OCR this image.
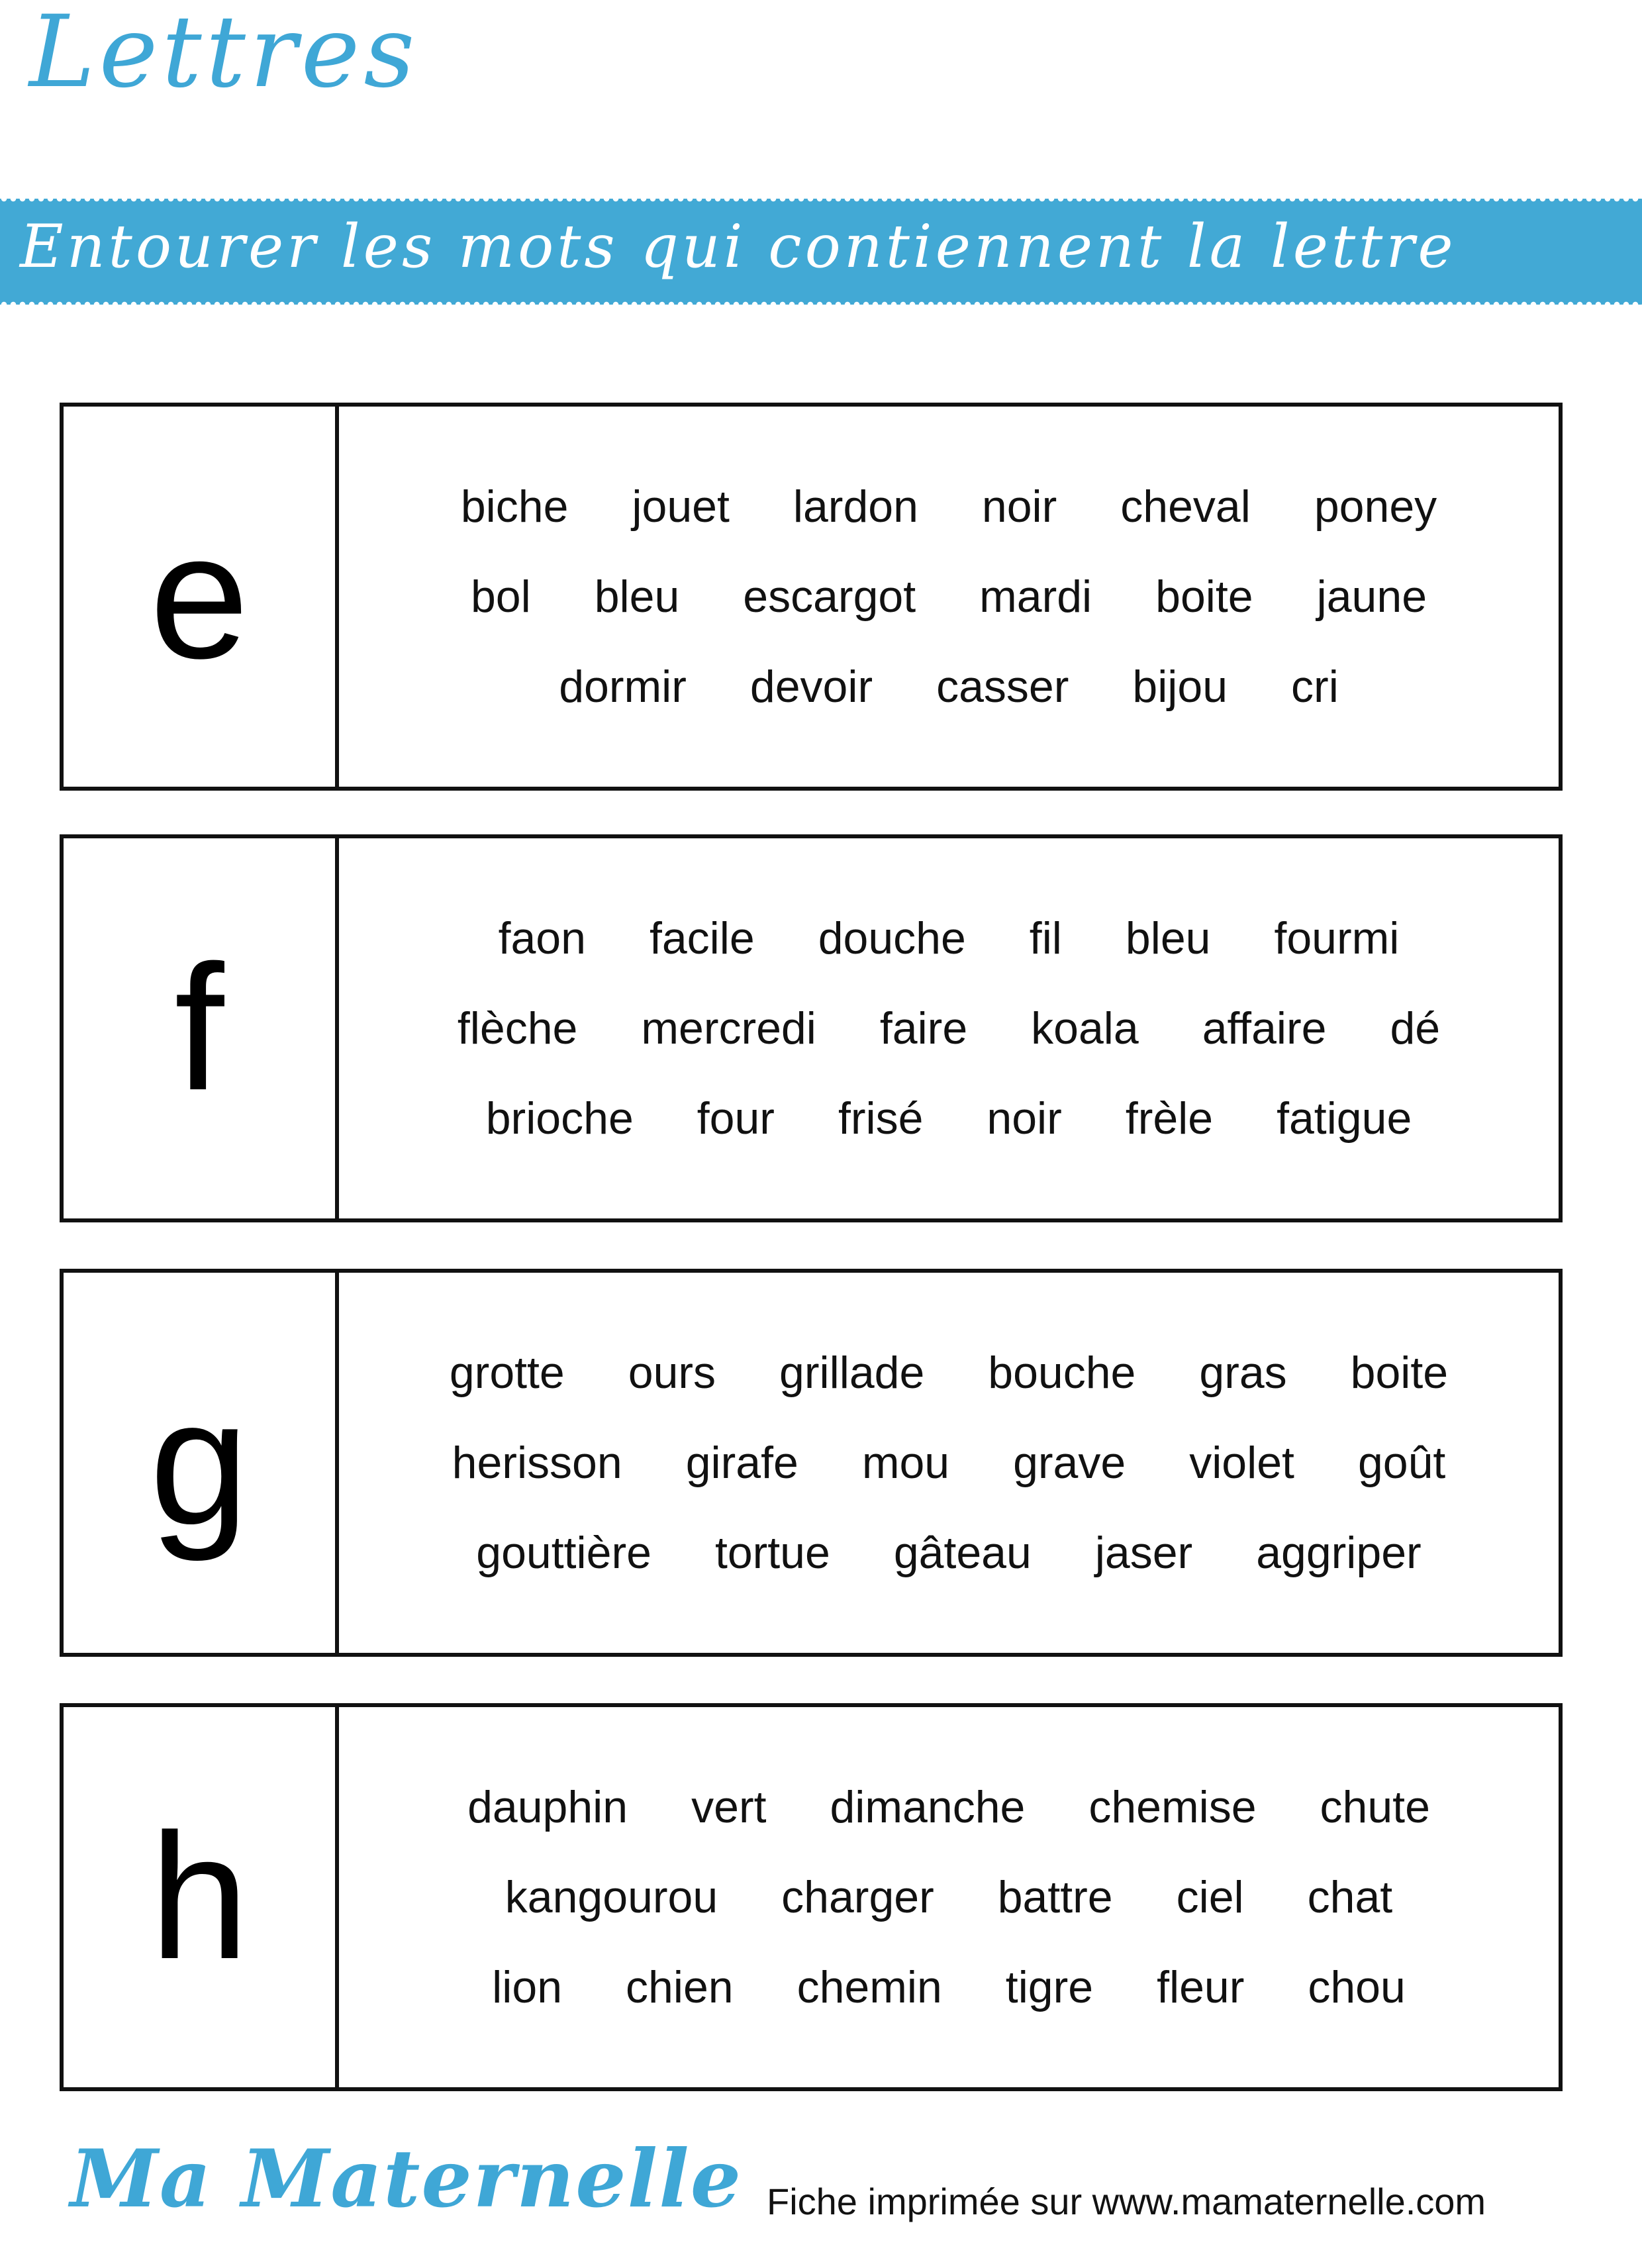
Lettres
Entourer les mots qui contiennent la lettre
e	biche jouet lardon noir cheval poney
bol bleu escargot mardi boite jaune
dormir devoir casser bijou cri
f	faon facile douche fil bleu fourmi
flèche mercredi faire koala affaire dé
brioche four frisé noir frèle fatigue
g	grotte ours grillade bouche gras boite
herisson girafe mou grave violet goût
gouttière tortue gâteau jaser aggriper
h	dauphin vert dimanche chemise chute
kangourou charger battre ciel chat
lion chien chemin tigre fleur chou
Ma Maternelle Fiche imprimée sur www.mamaternelle.com
